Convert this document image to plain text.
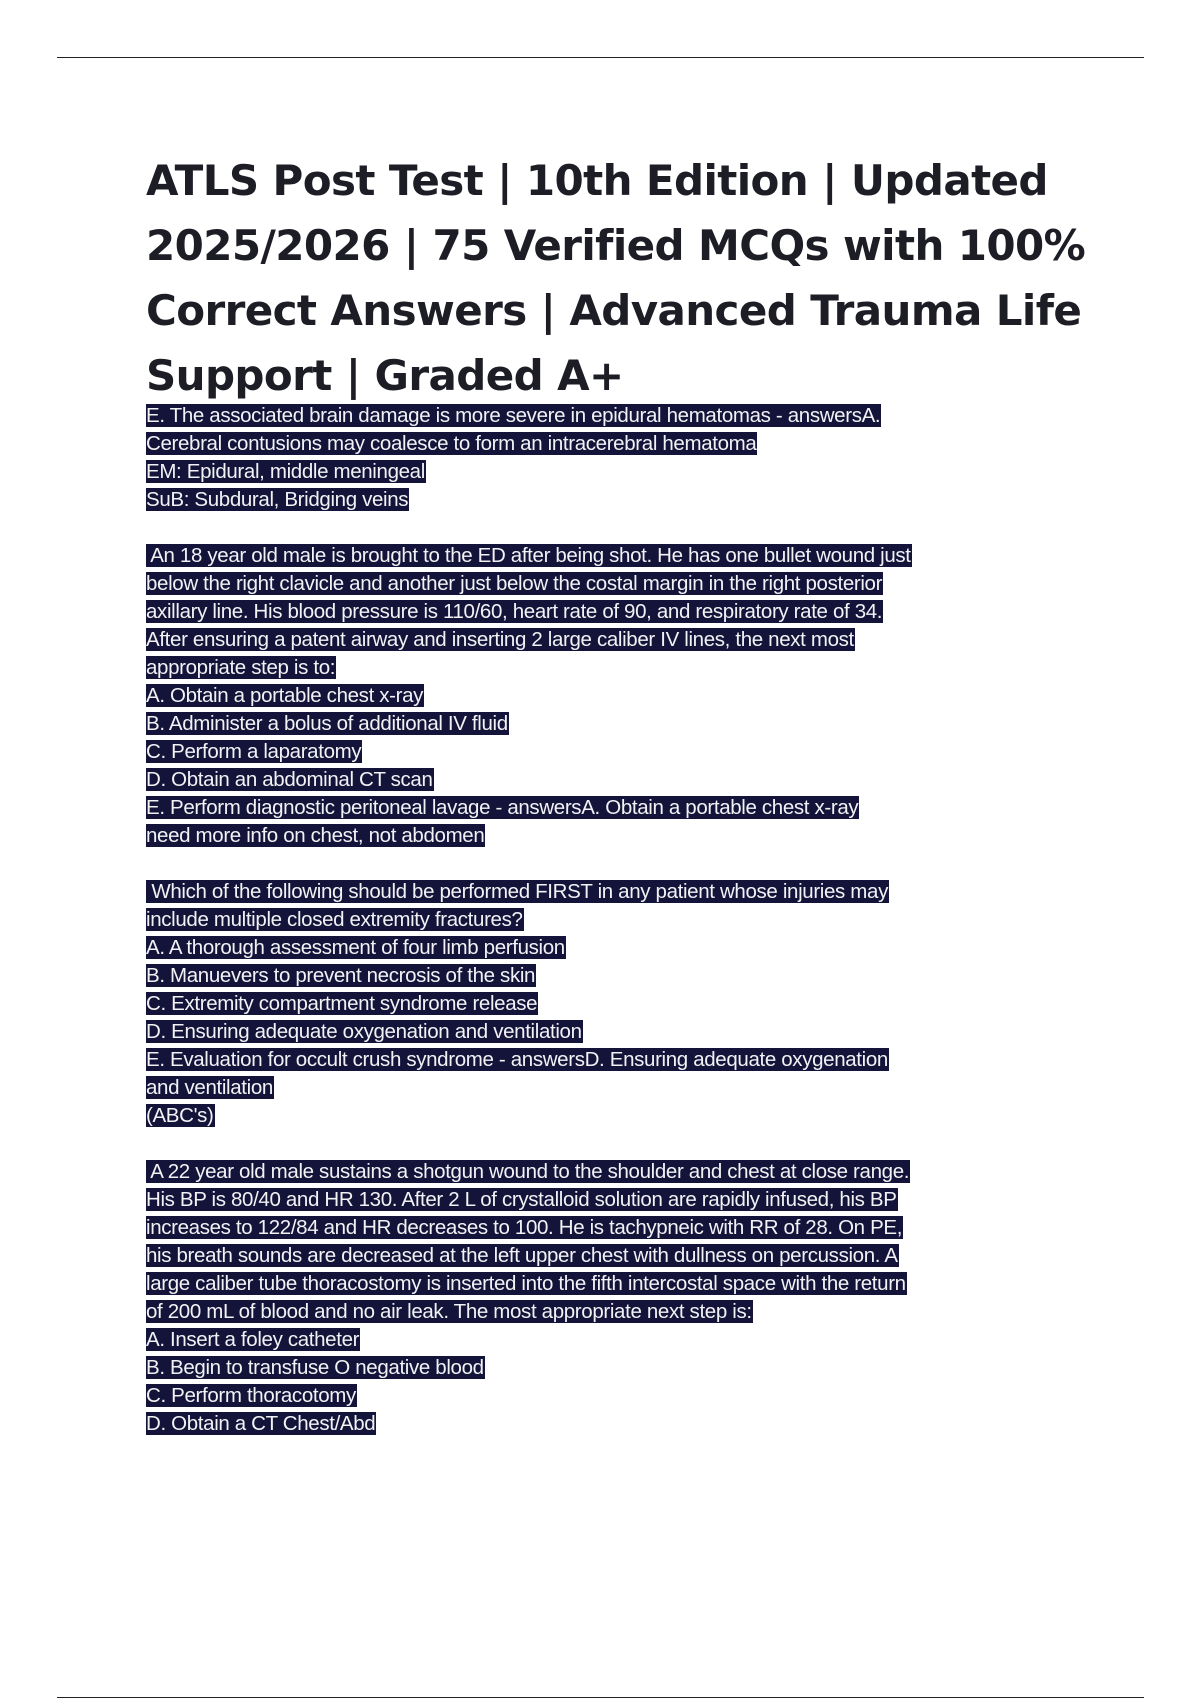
ATLS Post Test | 10th Edition | Updated 2025/2026 | 75 Verified MCQs with 100% Correct Answers | Advanced Trauma Life Support | Graded A+
E. The associated brain damage is more severe in epidural hematomas - answersA.
Cerebral contusions may coalesce to form an intracerebral hematoma
EM: Epidural, middle meningeal
SuB: Subdural, Bridging veins
An 18 year old male is brought to the ED after being shot. He has one bullet wound just
below the right clavicle and another just below the costal margin in the right posterior
axillary line. His blood pressure is 110/60, heart rate of 90, and respiratory rate of 34.
After ensuring a patent airway and inserting 2 large caliber IV lines, the next most
appropriate step is to:
A. Obtain a portable chest x-ray
B. Administer a bolus of additional IV fluid
C. Perform a laparatomy
D. Obtain an abdominal CT scan
E. Perform diagnostic peritoneal lavage - answersA. Obtain a portable chest x-ray
need more info on chest, not abdomen
Which of the following should be performed FIRST in any patient whose injuries may
include multiple closed extremity fractures?
A. A thorough assessment of four limb perfusion
B. Manuevers to prevent necrosis of the skin
C. Extremity compartment syndrome release
D. Ensuring adequate oxygenation and ventilation
E. Evaluation for occult crush syndrome - answersD. Ensuring adequate oxygenation
and ventilation
(ABC's)
A 22 year old male sustains a shotgun wound to the shoulder and chest at close range.
His BP is 80/40 and HR 130. After 2 L of crystalloid solution are rapidly infused, his BP
increases to 122/84 and HR decreases to 100. He is tachypneic with RR of 28. On PE,
his breath sounds are decreased at the left upper chest with dullness on percussion. A
large caliber tube thoracostomy is inserted into the fifth intercostal space with the return
of 200 mL of blood and no air leak. The most appropriate next step is:
A. Insert a foley catheter
B. Begin to transfuse O negative blood
C. Perform thoracotomy
D. Obtain a CT Chest/Abd
